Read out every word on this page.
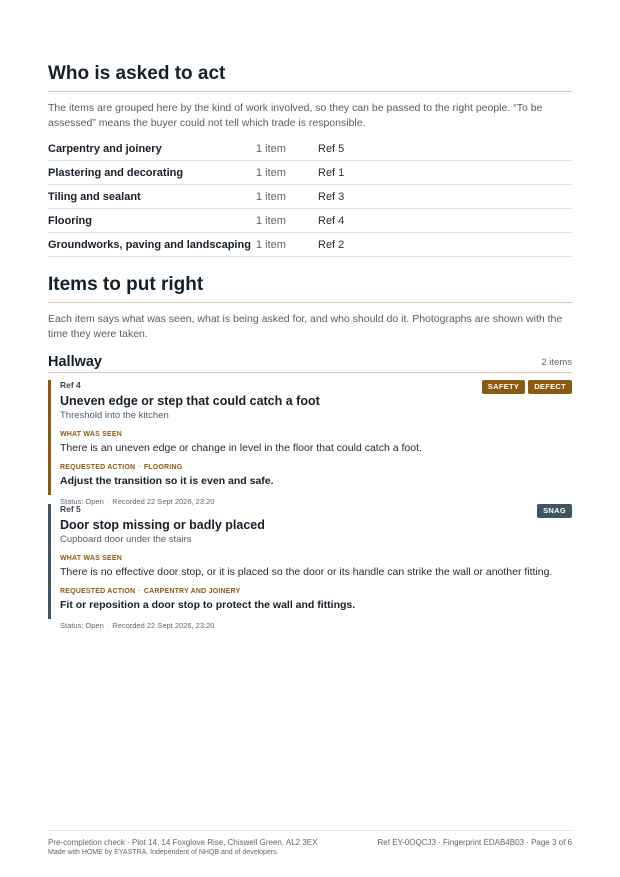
Who is asked to act

The items are grouped here by the kind of work involved, so they can be passed to the right people. “To be assessed” means the buyer could not tell which trade is responsible.

Carpentry and joinery	1 item	Ref 5
Plastering and decorating	1 item	Ref 1
Tiling and sealant	1 item	Ref 3
Flooring	1 item	Ref 4
Groundworks, paving and landscaping	1 item	Ref 2
Items to put right

Each item says what was seen, what is being asked for, and who should do it. Photographs are shown with the time they were taken.

Hallway	2 items
SAFETY	DEFECT
Ref 4
Uneven edge or step that could catch a foot
Threshold into the kitchen
WHAT WAS SEEN
There is an uneven edge or change in level in the floor that could catch a foot.
REQUESTED ACTION · FLOORING
Adjust the transition so it is even and safe.
Status: Open · Recorded 22 Sept 2026, 23:20
SNAG
Ref 5
Door stop missing or badly placed
Cupboard door under the stairs
WHAT WAS SEEN
There is no effective door stop, or it is placed so the door or its handle can strike the wall or another fitting.
REQUESTED ACTION · CARPENTRY AND JOINERY
Fit or reposition a door stop to protect the wall and fittings.
Status: Open · Recorded 22 Sept 2026, 23:20
Pre-completion check · Plot 14, 14 Foxglove Rise, Chiswell Green, AL2 3EX	Ref EY-0OQCJ3 · Fingerprint EDAB4B03 · Page 3 of 6
Made with HOME by EYASTRA. Independent of NHQB and of developers.
